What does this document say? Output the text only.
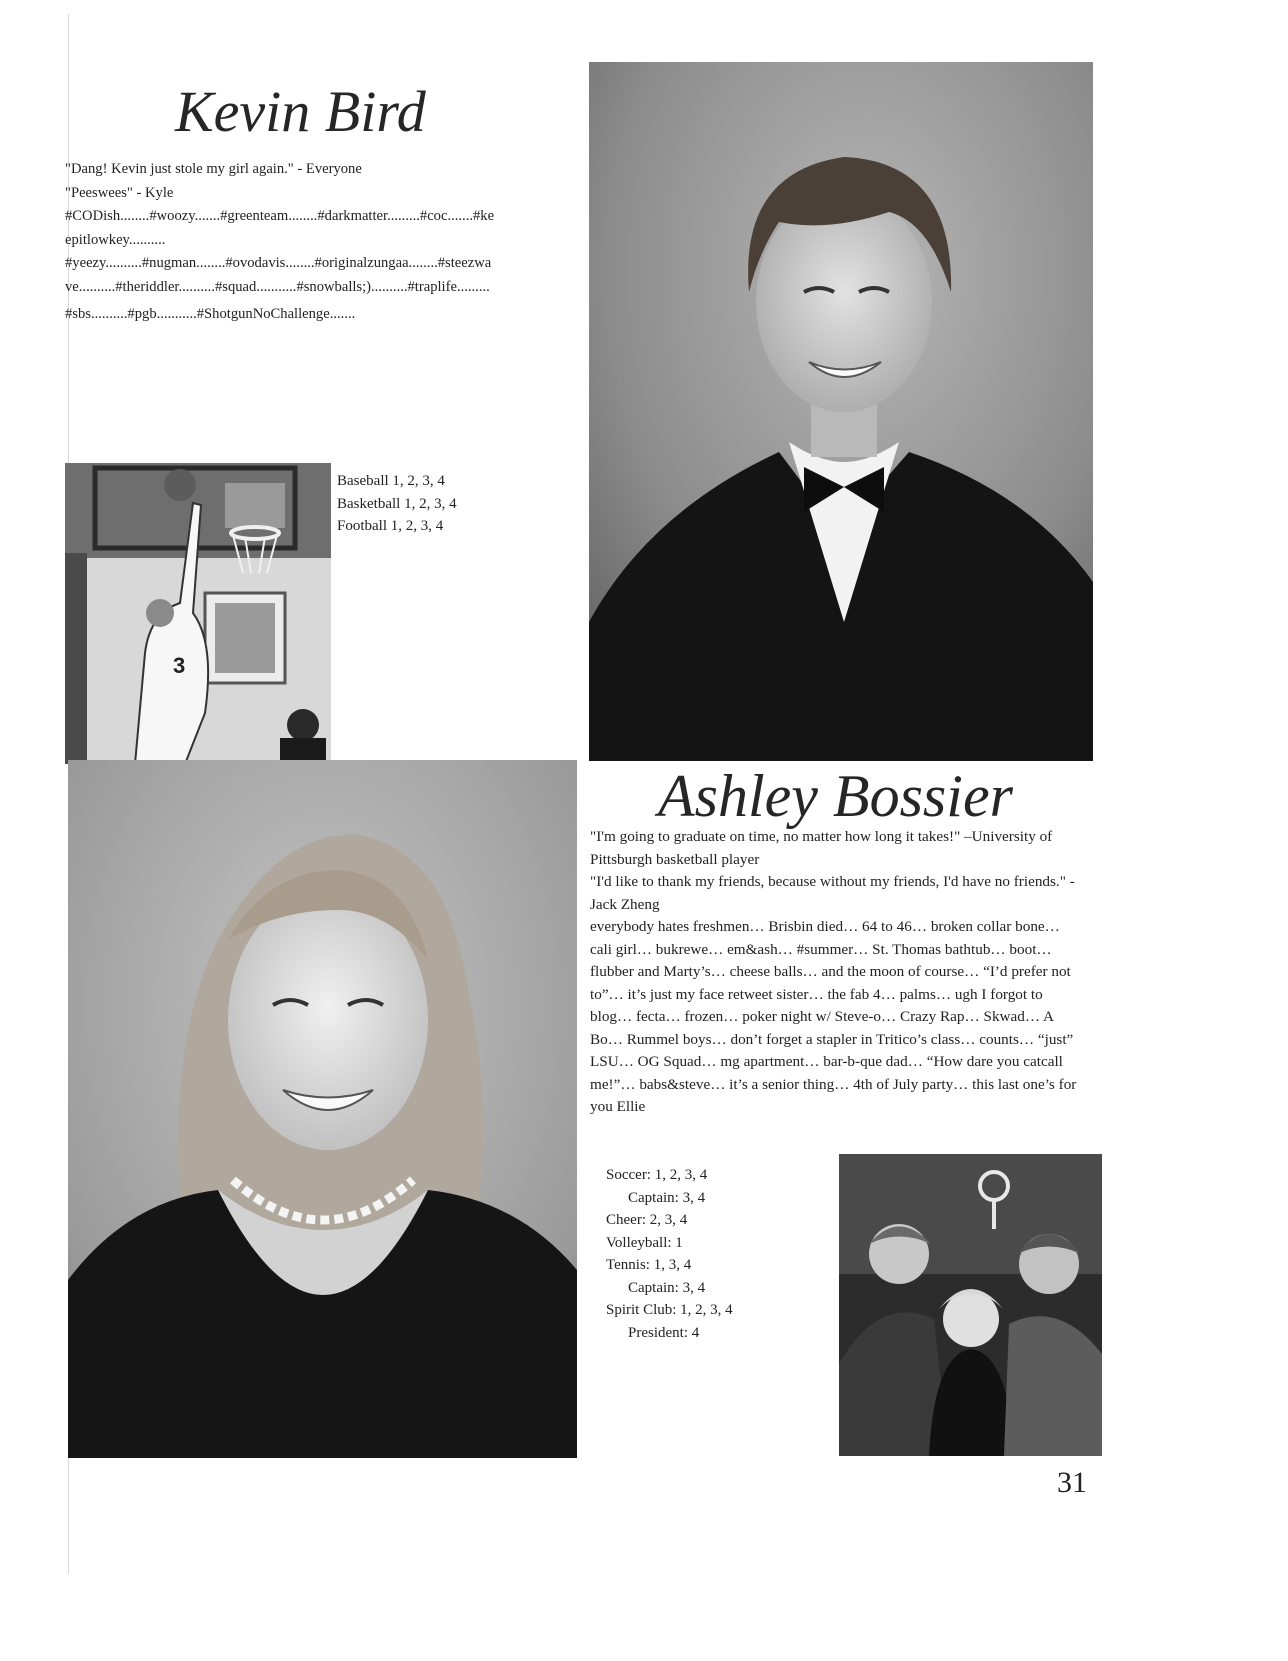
Kevin Bird

"Dang! Kevin just stole my girl again." - Everyone

"Peeswees" - Kyle

#CODish........#woozy.......#greenteam........#darkmatter.........#coc.......#ke epitlowkey..........

#yeezy..........#nugman........#ovodavis........#originalzungaa........#steezwa ve..........#theriddler..........#squad...........#snowballs;)..........#traplife.........

#sbs..........#pgb...........#ShotgunNoChallenge.......

3
Baseball 1, 2, 3, 4
Basketball 1, 2, 3, 4
Football 1, 2, 3, 4
Ashley Bossier

"I'm going to graduate on time, no matter how long it takes!" –University of Pittsburgh basketball player

"I'd like to thank my friends, because without my friends, I'd have no friends." -Jack Zheng

everybody hates freshmen… Brisbin died… 64 to 46… broken collar bone… cali girl… bukrewe… em&ash… #summer… St. Thomas bathtub… boot… flubber and Marty’s… cheese balls… and the moon of course… “I’d prefer not to”… it’s just my face retweet sister… the fab 4… palms… ugh I forgot to blog… fecta… frozen… poker night w/ Steve-o… Crazy Rap… Skwad… A Bo… Rummel boys… don’t forget a stapler in Tritico’s class… counts… “just” LSU… OG Squad… mg apartment… bar-b-que dad… “How dare you catcall me!”… babs&steve… it’s a senior thing… 4th of July party… this last one’s for you Ellie

Soccer: 1, 2, 3, 4
Captain: 3, 4
Cheer: 2, 3, 4
Volleyball: 1
Tennis: 1, 3, 4
Captain: 3, 4
Spirit Club: 1, 2, 3, 4
President: 4
31
